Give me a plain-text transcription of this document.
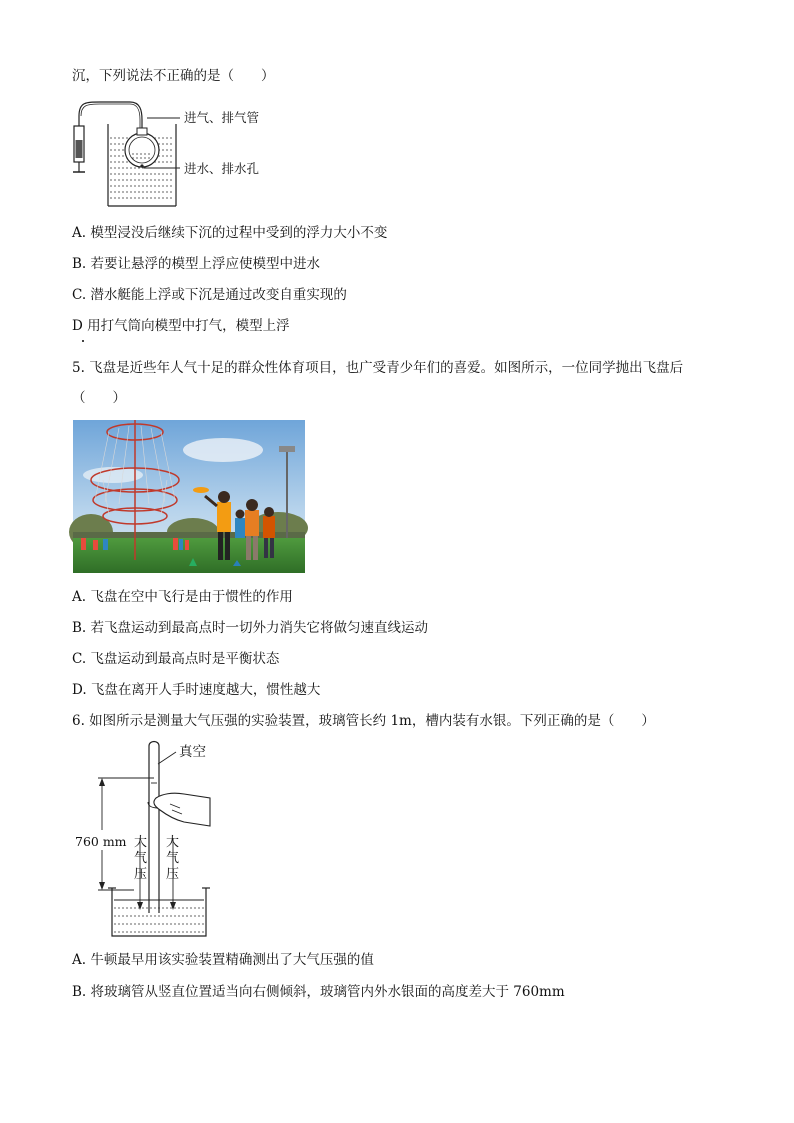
沉，下列说法不正确的是（　　）
进气、排气管
进水、排水孔
A. 模型浸没后继续下沉的过程中受到的浮力大小不变
B. 若要让悬浮的模型上浮应使模型中进水
C. 潜水艇能上浮或下沉是通过改变自重实现的
D 用打气筒向模型中打气，模型上浮
5. 飞盘是近些年人气十足的群众性体育项目，也广受青少年们的喜爱。如图所示，一位同学抛出飞盘后
（　　）
A. 飞盘在空中飞行是由于惯性的作用
B. 若飞盘运动到最高点时一切外力消失它将做匀速直线运动
C. 飞盘运动到最高点时是平衡状态
D. 飞盘在离开人手时速度越大，惯性越大
6. 如图所示是测量大气压强的实验装置，玻璃管长约 1m，槽内装有水银。下列正确的是（　　）
真空
760 mm 大
气
压
大
气
压
A. 牛顿最早用该实验装置精确测出了大气压强的值
B. 将玻璃管从竖直位置适当向右侧倾斜，玻璃管内外水银面的高度差大于 760mm
